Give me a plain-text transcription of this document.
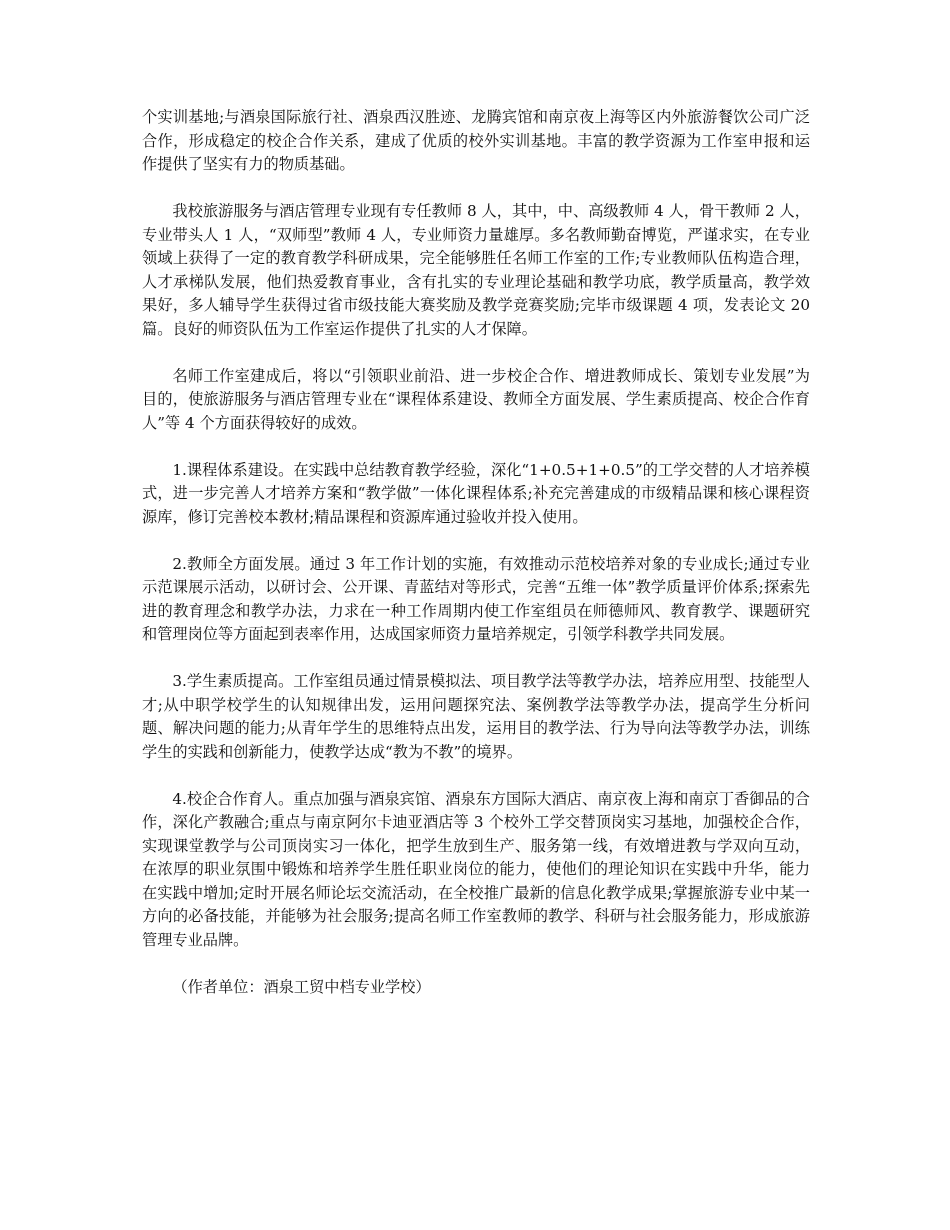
个实训基地;与酒泉国际旅行社、酒泉西汉胜迹、龙腾宾馆和南京夜上海等区内外旅游餐饮公司广泛合作，形成稳定的校企合作关系，建成了优质的校外实训基地。丰富的教学资源为工作室申报和运作提供了坚实有力的物质基础。

我校旅游服务与酒店管理专业现有专任教师 8 人，其中，中、高级教师 4 人，骨干教师 2 人，专业带头人 1 人，“双师型”教师 4 人，专业师资力量雄厚。多名教师勤奋博览，严谨求实，在专业领域上获得了一定的教育教学科研成果，完全能够胜任名师工作室的工作;专业教师队伍构造合理，人才承梯队发展，他们热爱教育事业，含有扎实的专业理论基础和教学功底，教学质量高，教学效果好，多人辅导学生获得过省市级技能大赛奖励及教学竞赛奖励;完毕市级课题 4 项，发表论文 20 篇。良好的师资队伍为工作室运作提供了扎实的人才保障。

名师工作室建成后，将以“引领职业前沿、进一步校企合作、增进教师成长、策划专业发展”为目的，使旅游服务与酒店管理专业在“课程体系建设、教师全方面发展、学生素质提高、校企合作育人”等 4 个方面获得较好的成效。

1.课程体系建设。在实践中总结教育教学经验，深化“1+0.5+1+0.5”的工学交替的人才培养模式，进一步完善人才培养方案和“教学做”一体化课程体系;补充完善建成的市级精品课和核心课程资源库，修订完善校本教材;精品课程和资源库通过验收并投入使用。

2.教师全方面发展。通过 3 年工作计划的实施，有效推动示范校培养对象的专业成长;通过专业示范课展示活动，以研讨会、公开课、青蓝结对等形式，完善“五维一体”教学质量评价体系;探索先进的教育理念和教学办法，力求在一种工作周期内使工作室组员在师德师风、教育教学、课题研究和管理岗位等方面起到表率作用，达成国家师资力量培养规定，引领学科教学共同发展。

3.学生素质提高。工作室组员通过情景模拟法、项目教学法等教学办法，培养应用型、技能型人才;从中职学校学生的认知规律出发，运用问题探究法、案例教学法等教学办法，提高学生分析问题、解决问题的能力;从青年学生的思维特点出发，运用目的教学法、行为导向法等教学办法，训练学生的实践和创新能力，使教学达成“教为不教”的境界。

4.校企合作育人。重点加强与酒泉宾馆、酒泉东方国际大酒店、南京夜上海和南京丁香御品的合作，深化产教融合;重点与南京阿尔卡迪亚酒店等 3 个校外工学交替顶岗实习基地，加强校企合作，实现课堂教学与公司顶岗实习一体化，把学生放到生产、服务第一线，有效增进教与学双向互动，在浓厚的职业氛围中锻炼和培养学生胜任职业岗位的能力，使他们的理论知识在实践中升华，能力在实践中增加;定时开展名师论坛交流活动，在全校推广最新的信息化教学成果;掌握旅游专业中某一方向的必备技能，并能够为社会服务;提高名师工作室教师的教学、科研与社会服务能力，形成旅游管理专业品牌。

（作者单位：酒泉工贸中档专业学校）
